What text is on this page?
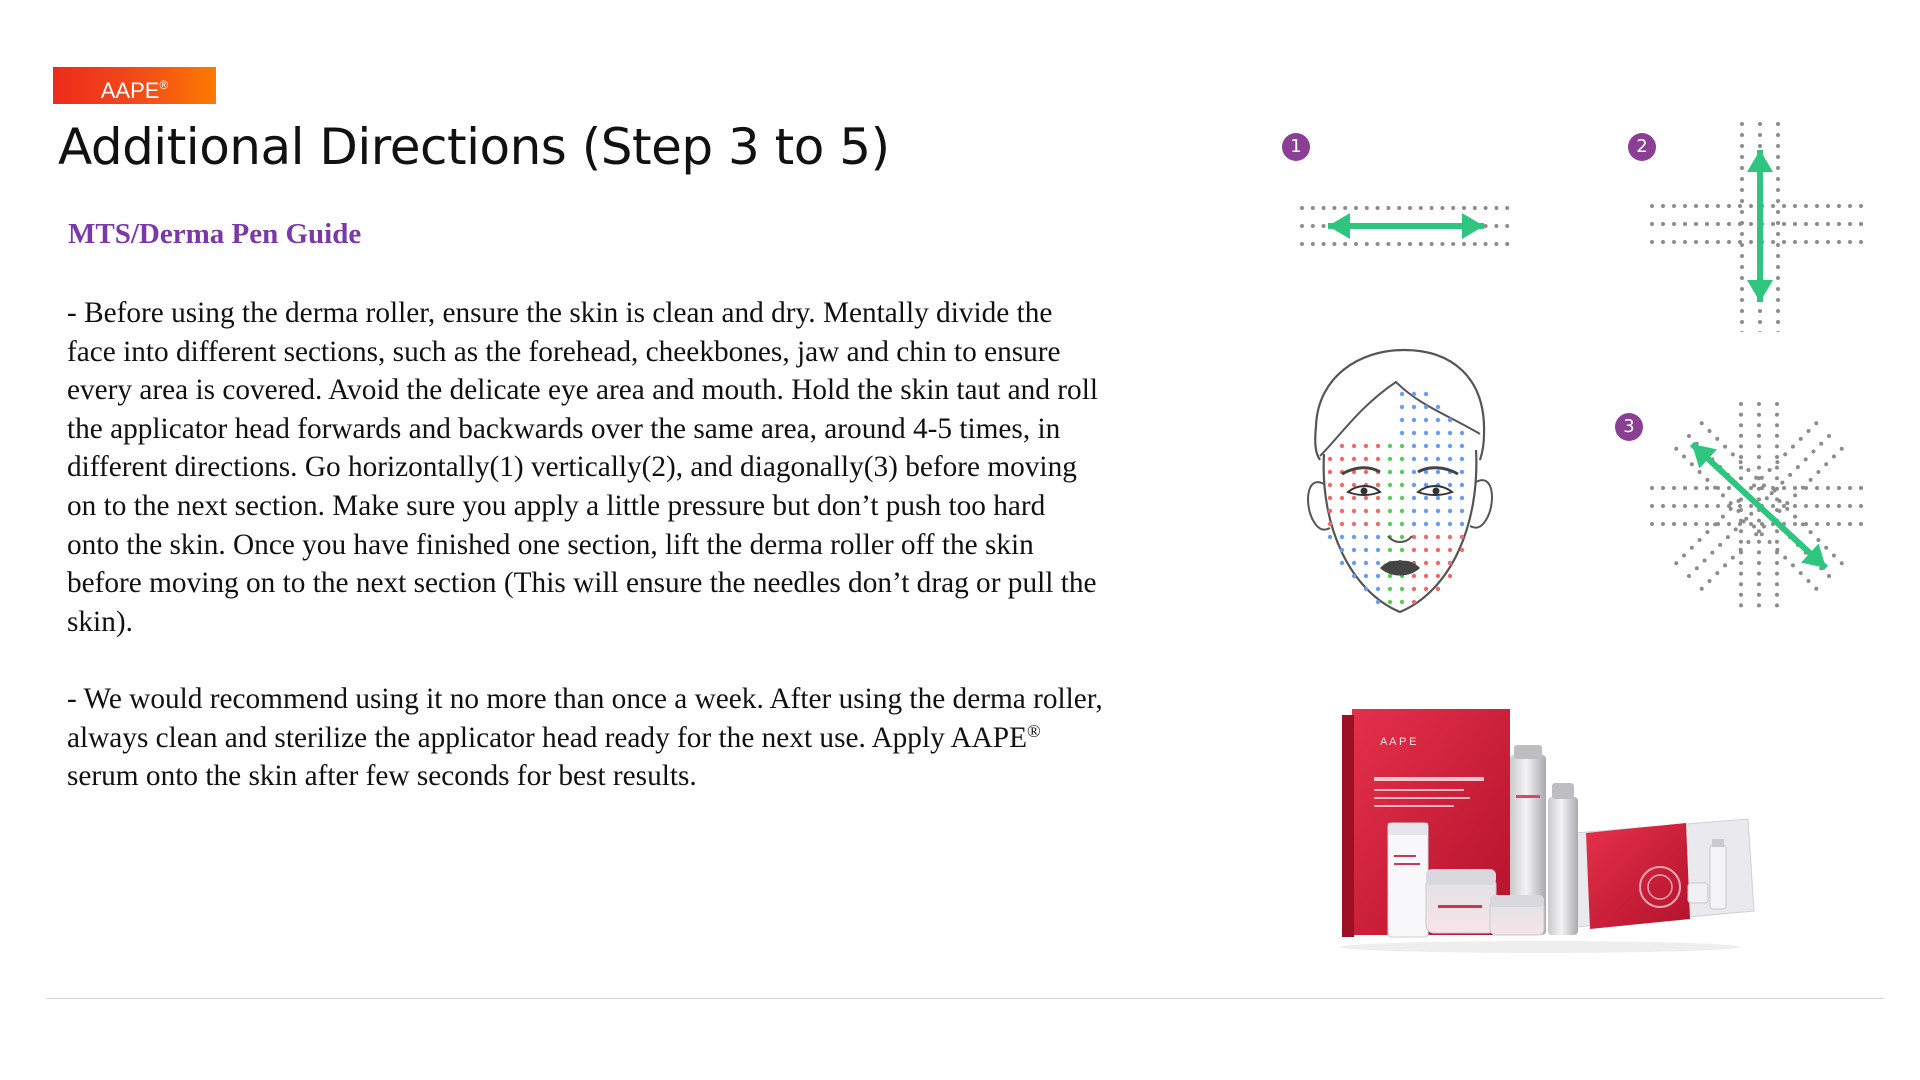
AAPE®
Additional Directions (Step 3 to 5)
MTS/Derma Pen Guide

- Before using the derma roller, ensure the skin is clean and dry. Mentally divide the
face into different sections, such as the forehead, cheekbones, jaw and chin to ensure
every area is covered. Avoid the delicate eye area and mouth. Hold the skin taut and roll
the applicator head forwards and backwards over the same area, around 4-5 times, in
different directions. Go horizontally(1) vertically(2), and diagonally(3) before moving
on to the next section. Make sure you apply a little pressure but don’t push too hard
onto the skin. Once you have finished one section, lift the derma roller off the skin
before moving on to the next section (This will ensure the needles don’t drag or pull the
skin).

- We would recommend using it no more than once a week. After using the derma roller,
always clean and sterilize the applicator head ready for the next use. Apply AAPE®
serum onto the skin after few seconds for best results.

1	2
3
A A P E
